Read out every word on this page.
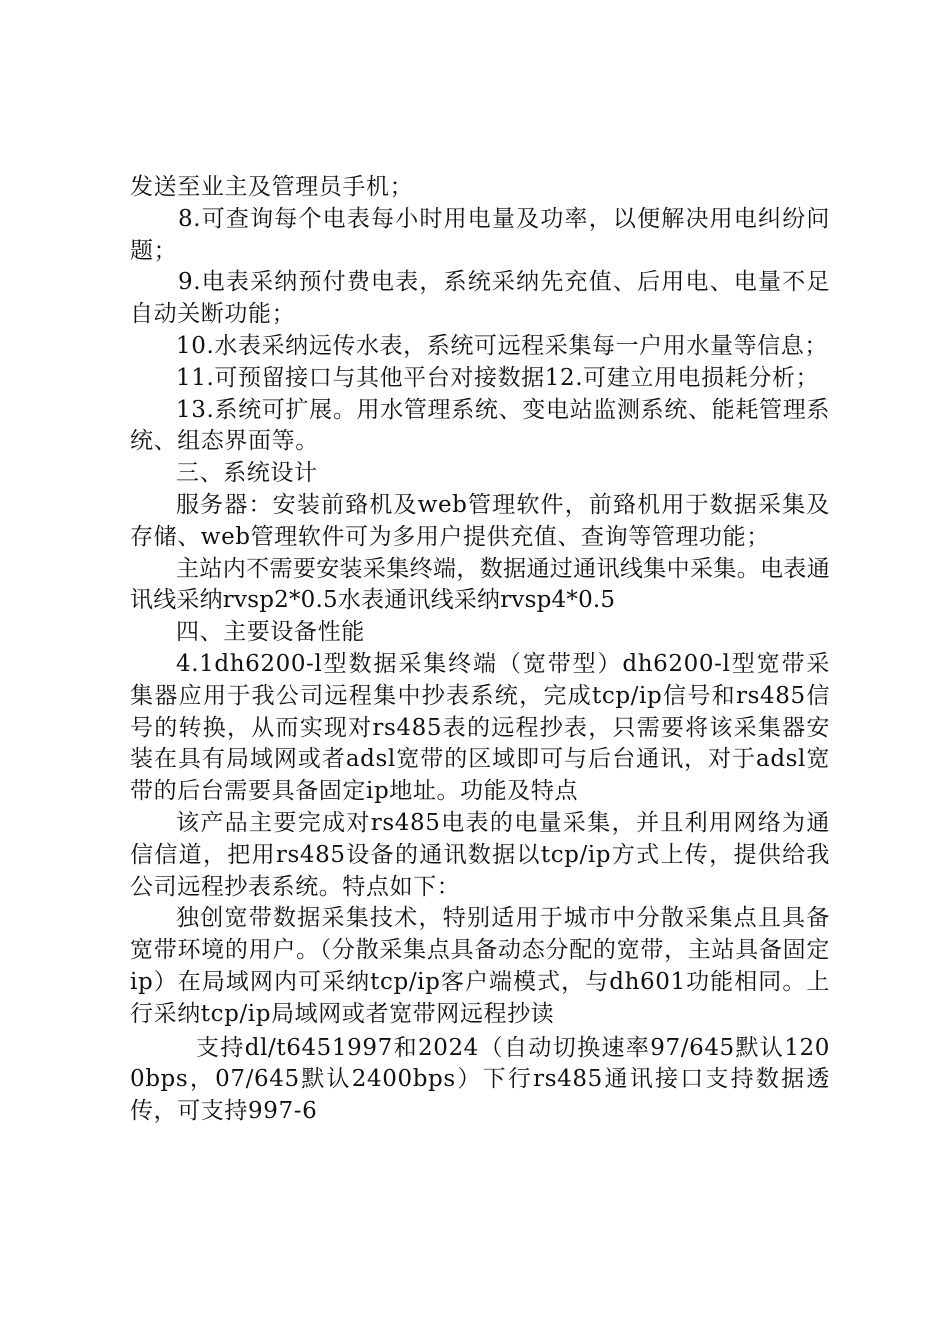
发送至业主及管理员手机；

8.可查询每个电表每小时用电量及功率，以便解决用电纠纷问题；

9.电表采纳预付费电表，系统采纳先充值、后用电、电量不足自动关断功能；

10.水表采纳远传水表，系统可远程采集每一户用水量等信息；

11.可预留接口与其他平台对接数据12.可建立用电损耗分析；

13.系统可扩展。用水管理系统、变电站监测系统、能耗管理系统、组态界面等。

三、系统设计

服务器：安装前臵机及web管理软件，前臵机用于数据采集及存储、web管理软件可为多用户提供充值、查询等管理功能；

主站内不需要安装采集终端，数据通过通讯线集中采集。电表通讯线采纳rvsp2*0.5水表通讯线采纳rvsp4*0.5

四、主要设备性能

4.1dh6200-l型数据采集终端（宽带型）dh6200-l型宽带采集器应用于我公司远程集中抄表系统，完成tcp/ip信号和rs485信号的转换，从而实现对rs485表的远程抄表，只需要将该采集器安装在具有局域网或者adsl宽带的区域即可与后台通讯，对于adsl宽带的后台需要具备固定ip地址。功能及特点

该产品主要完成对rs485电表的电量采集，并且利用网络为通信信道，把用rs485设备的通讯数据以tcp/ip方式上传，提供给我公司远程抄表系统。特点如下：

独创宽带数据采集技术，特别适用于城市中分散采集点且具备宽带环境的用户。（分散采集点具备动态分配的宽带，主站具备固定ip）在局域网内可采纳tcp/ip客户端模式，与dh601功能相同。上行采纳tcp/ip局域网或者宽带网远程抄读

支持dl/t6451997和2024（自动切换速率97/645默认1200bps，07/645默认2400bps）下行rs485通讯接口支持数据透传，可支持997-6
